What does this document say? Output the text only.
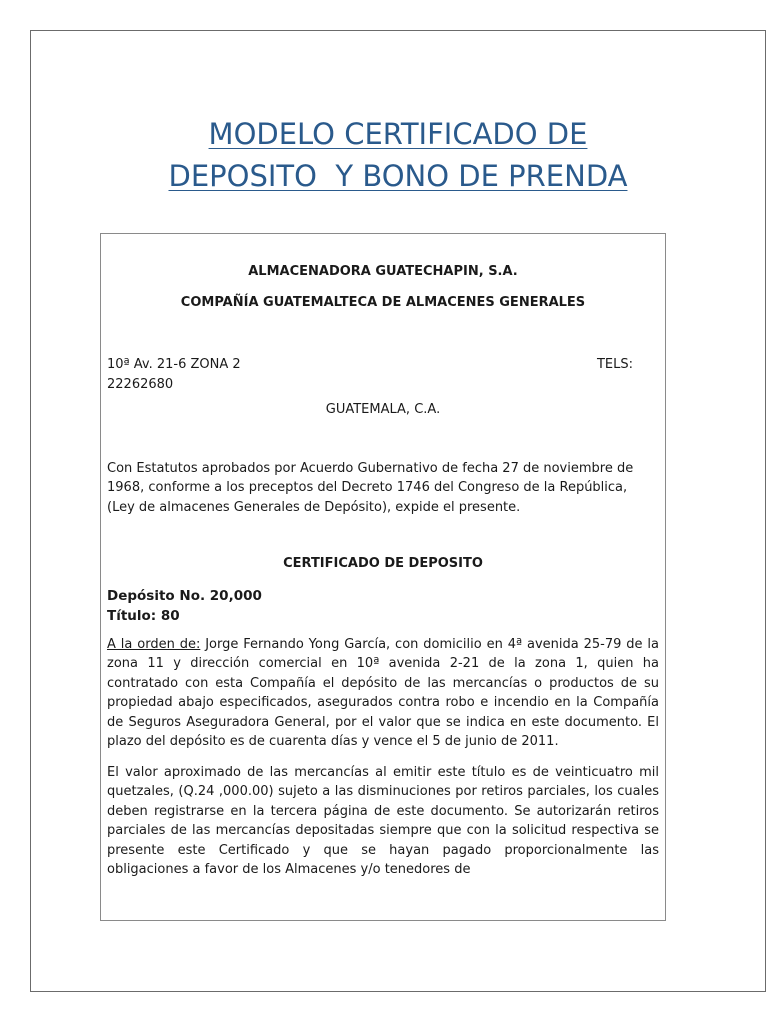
MODELO CERTIFICADO DE
DEPOSITO  Y BONO DE PRENDA

ALMACENADORA GUATECHAPIN, S.A.

COMPAÑÍA GUATEMALTECA DE ALMACENES GENERALES

10ª Av. 21-6 ZONA 2	TELS:
22262680
GUATEMALA, C.A.
Con Estatutos aprobados por Acuerdo Gubernativo de fecha 27 de noviembre de 1968, conforme a los preceptos del Decreto 1746 del Congreso de la República, (Ley de almacenes Generales de Depósito), expide el presente.
CERTIFICADO DE DEPOSITO
Depósito No. 20,000
Título: 80
A la orden de: Jorge Fernando Yong García, con domicilio en 4ª avenida 25-79 de la zona 11 y dirección comercial en 10ª avenida 2-21 de la zona 1, quien ha contratado con esta Compañía el depósito de las mercancías o productos de su propiedad abajo especificados, asegurados contra robo e incendio en la Compañía de Seguros Aseguradora General, por el valor que se indica en este documento. El plazo del depósito es de cuarenta días y vence el 5 de junio de 2011.
El valor aproximado de las mercancías al emitir este título es de veinticuatro mil quetzales, (Q.24 ,000.00) sujeto a las disminuciones por retiros parciales, los cuales deben registrarse en la tercera página de este documento. Se autorizarán retiros parciales de las mercancías depositadas siempre que con la solicitud respectiva se presente este Certificado y que se hayan pagado proporcionalmente las obligaciones a favor de los Almacenes y/o tenedores de
